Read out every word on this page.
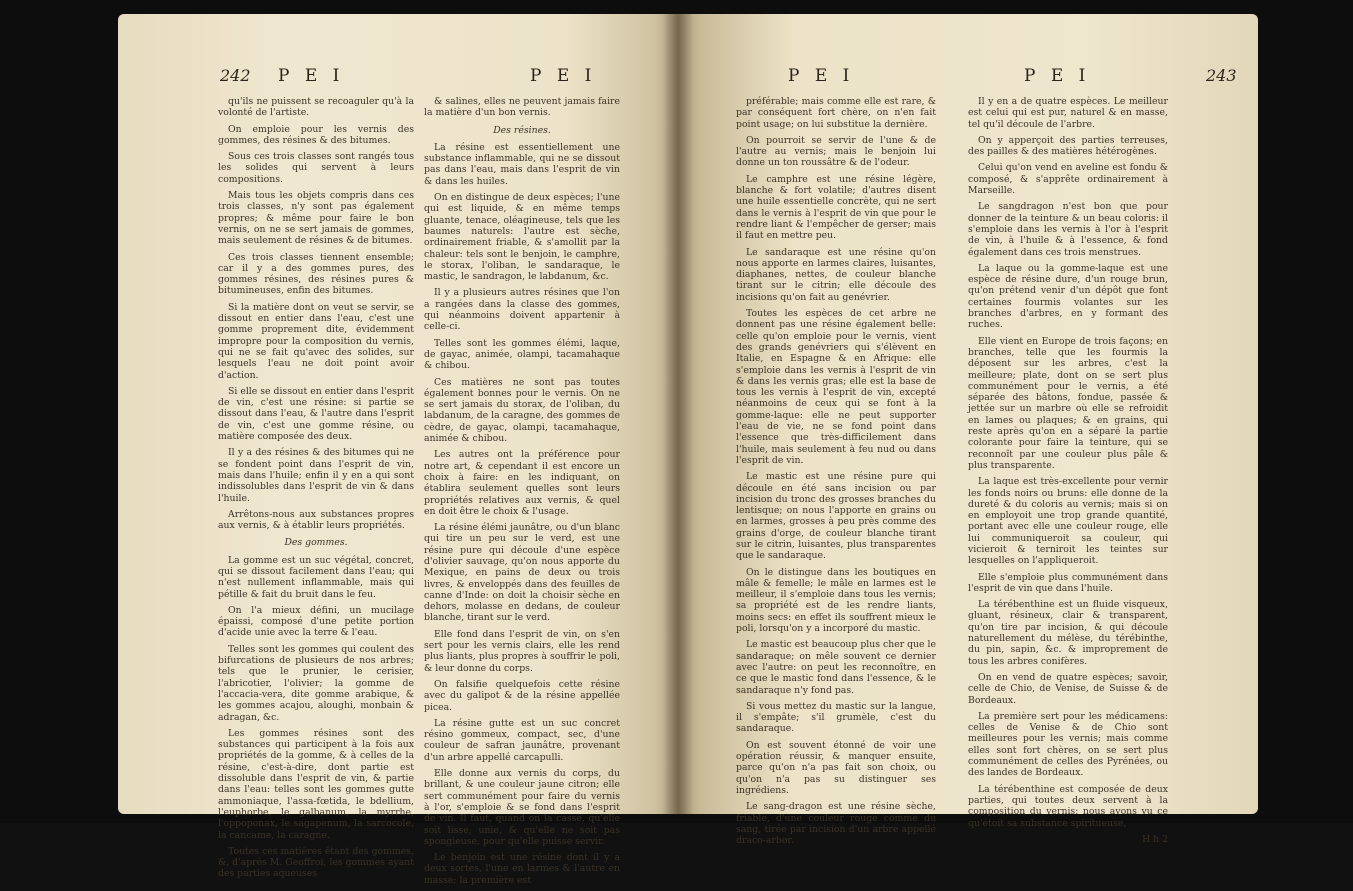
242 P E I	P E I

qu'ils ne puissent se recoaguler qu'à la volonté de l'artiste.

On emploie pour les vernis des gommes, des résines & des bitumes.

Sous ces trois classes sont rangés tous les solides qui servent à leurs compositions.

Mais tous les objets compris dans ces trois classes, n'y sont pas également propres; & même pour faire le bon vernis, on ne se sert jamais de gommes, mais seulement de résines & de bitumes.

Ces trois classes tiennent ensemble; car il y a des gommes pures, des gommes résines, des résines pures & bitumineuses, enfin des bitumes.

Si la matière dont on veut se servir, se dissout en entier dans l'eau, c'est une gomme proprement dite, évidemment impropre pour la composition du vernis, qui ne se fait qu'avec des solides, sur lesquels l'eau ne doit point avoir d'action.

Si elle se dissout en entier dans l'esprit de vin, c'est une résine: si partie se dissout dans l'eau, & l'autre dans l'esprit de vin, c'est une gomme résine, ou matière composée des deux.

Il y a des résines & des bitumes qui ne se fondent point dans l'esprit de vin, mais dans l'huile; enfin il y en a qui sont indissolubles dans l'esprit de vin & dans l'huile.

Arrêtons-nous aux substances propres aux vernis, & à établir leurs propriétés.

Des gommes.

La gomme est un suc végétal, concret, qui se dissout facilement dans l'eau; qui n'est nullement inflammable, mais qui pétille & fait du bruit dans le feu.

On l'a mieux défini, un mucilage épaissi, composé d'une petite portion d'acide unie avec la terre & l'eau.

Telles sont les gommes qui coulent des bifurcations de plusieurs de nos arbres; tels que le prunier, le cerisier, l'abricotier, l'olivier; la gomme de l'accacia-vera, dite gomme arabique, & les gommes acajou, aloughi, monbain & adragan, &c.

Les gommes résines sont des substances qui participent à la fois aux propriétés de la gomme, & à celles de la résine, c'est-à-dire, dont partie est dissoluble dans l'esprit de vin, & partie dans l'eau: telles sont les gommes gutte ammoniaque, l'assa-fœtida, le bdellium, l'euphorbe, le galbanum, la myrrhe, l'oppoponax, le sagapenum, la sarcocole, la cancame, la caragne.

Toutes ces matières étant des gommes, &, d'après M. Geoffroi, les gommes ayant des parties aqueuses

& salines, elles ne peuvent jamais faire la matière d'un bon vernis.

Des résines.

La résine est essentiellement une substance inflammable, qui ne se dissout pas dans l'eau, mais dans l'esprit de vin & dans les huiles.

On en distingue de deux espèces; l'une qui est liquide, & en même temps gluante, tenace, oléagineuse, tels que les baumes naturels: l'autre est sèche, ordinairement friable, & s'amollit par la chaleur: tels sont le benjoin, le camphre, le storax, l'oliban, le sandaraque, le mastic, le sandragon, le labdanum, &c.

Il y a plusieurs autres résines que l'on a rangées dans la classe des gommes, qui néanmoins doivent appartenir à celle-ci.

Telles sont les gommes élémi, laque, de gayac, animée, olampi, tacamahaque & chibou.

Ces matières ne sont pas toutes également bonnes pour le vernis. On ne se sert jamais du storax, de l'oliban, du labdanum, de la caragne, des gommes de cèdre, de gayac, olampi, tacamahaque, animée & chibou.

Les autres ont la préférence pour notre art, & cependant il est encore un choix à faire: en les indiquant, on établira seulement quelles sont leurs propriétés relatives aux vernis, & quel en doit être le choix & l'usage.

La résine élémi jaunâtre, ou d'un blanc qui tire un peu sur le verd, est une résine pure qui découle d'une espèce d'olivier sauvage, qu'on nous apporte du Mexique, en pains de deux ou trois livres, & enveloppés dans des feuilles de canne d'Inde: on doit la choisir sèche en dehors, molasse en dedans, de couleur blanche, tirant sur le verd.

Elle fond dans l'esprit de vin, on s'en sert pour les vernis clairs, elle les rend plus liants, plus propres à souffrir le poli, & leur donne du corps.

On falsifie quelquefois cette résine avec du galipot & de la résine appellée picea.

La résine gutte est un suc concret résino gommeux, compact, sec, d'une couleur de safran jaunâtre, provenant d'un arbre appellé carcapulli.

Elle donne aux vernis du corps, du brillant, & une couleur jaune citron; elle sert communément pour faire du vernis à l'or, s'emploie & se fond dans l'esprit de vin. Il faut, quand on la casse, qu'elle soit lisse, unie, & qu'elle ne soit pas spongieuse, pour qu'elle puisse servir.

Le benjoin est une résine dont il y a deux sortes, l'une en larmes & l'autre en masse; la première est

P E I	P E I	243

préférable; mais comme elle est rare, & par conséquent fort chère, on n'en fait point usage; on lui substitue la dernière.

On pourroit se servir de l'une & de l'autre au vernis; mais le benjoin lui donne un ton roussâtre & de l'odeur.

Le camphre est une résine légère, blanche & fort volatile; d'autres disent une huile essentielle concrète, qui ne sert dans le vernis à l'esprit de vin que pour le rendre liant & l'empêcher de gerser; mais il faut en mettre peu.

Le sandaraque est une résine qu'on nous apporte en larmes claires, luisantes, diaphanes, nettes, de couleur blanche tirant sur le citrin; elle découle des incisions qu'on fait au genévrier.

Toutes les espèces de cet arbre ne donnent pas une résine également belle: celle qu'on emploie pour le vernis, vient des grands genévriers qui s'élèvent en Italie, en Espagne & en Afrique: elle s'emploie dans les vernis à l'esprit de vin & dans les vernis gras; elle est la base de tous les vernis à l'esprit de vin, excepté néanmoins de ceux qui se font à la gomme-laque: elle ne peut supporter l'eau de vie, ne se fond point dans l'essence que très-difficilement dans l'huile, mais seulement à feu nud ou dans l'esprit de vin.

Le mastic est une résine pure qui découle en été sans incision ou par incision du tronc des grosses branches du lentisque; on nous l'apporte en grains ou en larmes, grosses à peu près comme des grains d'orge, de couleur blanche tirant sur le citrin, luisantes, plus transparentes que le sandaraque.

On le distingue dans les boutiques en mâle & femelle; le mâle en larmes est le meilleur, il s'emploie dans tous les vernis; sa propriété est de les rendre liants, moins secs: en effet ils souffrent mieux le poli, lorsqu'on y a incorporé du mastic.

Le mastic est beaucoup plus cher que le sandaraque; on mêle souvent ce dernier avec l'autre: on peut les reconnoître, en ce que le mastic fond dans l'essence, & le sandaraque n'y fond pas.

Si vous mettez du mastic sur la langue, il s'empâte; s'il grumèle, c'est du sandaraque.

On est souvent étonné de voir une opération réussir, & manquer ensuite, parce qu'on n'a pas fait son choix, ou qu'on n'a pas su distinguer ses ingrédiens.

Le sang-dragon est une résine sèche, friable, d'une couleur rouge comme du sang, tirée par incision d'un arbre appellé draco-arbor.

Il y en a de quatre espèces. Le meilleur est celui qui est pur, naturel & en masse, tel qu'il découle de l'arbre.

On y apperçoit des parties terreuses, des pailles & des matières hétérogènes.

Celui qu'on vend en aveline est fondu & composé, & s'apprête ordinairement à Marseille.

Le sangdragon n'est bon que pour donner de la teinture & un beau coloris: il s'emploie dans les vernis à l'or à l'esprit de vin, à l'huile & à l'essence, & fond également dans ces trois menstrues.

La laque ou la gomme-laque est une espèce de résine dure, d'un rouge brun, qu'on prétend venir d'un dépôt que font certaines fourmis volantes sur les branches d'arbres, en y formant des ruches.

Elle vient en Europe de trois façons; en branches, telle que les fourmis la déposent sur les arbres, c'est la meilleure; plate, dont on se sert plus communément pour le vernis, a été séparée des bâtons, fondue, passée & jettée sur un marbre où elle se refroidit en lames ou plaques; & en grains, qui reste après qu'on en a séparé la partie colorante pour faire la teinture, qui se reconnoît par une couleur plus pâle & plus transparente.

La laque est très-excellente pour vernir les fonds noirs ou bruns: elle donne de la dureté & du coloris au vernis; mais si on en employoit une trop grande quantité, portant avec elle une couleur rouge, elle lui communiqueroit sa couleur, qui vicieroit & terniroit les teintes sur lesquelles on l'appliqueroit.

Elle s'emploie plus communément dans l'esprit de vin que dans l'huile.

La térébenthine est un fluide visqueux, gluant, résineux, clair & transparent, qu'on tire par incision, & qui découle naturellement du mélèse, du térébinthe, du pin, sapin, &c. & improprement de tous les arbres conifères.

On en vend de quatre espèces; savoir, celle de Chio, de Venise, de Suisse & de Bordeaux.

La première sert pour les médicamens: celles de Venise & de Chio sont meilleures pour les vernis; mais comme elles sont fort chères, on se sert plus communément de celles des Pyrénées, ou des landes de Bordeaux.

La térébenthine est composée de deux parties, qui toutes deux servent à la composition du vernis: nous avons vu ce qu'étoit sa substance spiritueuse,

H h 2
